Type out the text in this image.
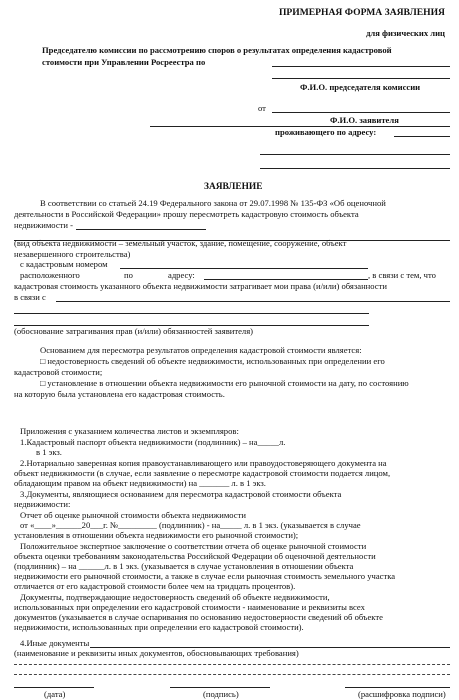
ПРИМЕРНАЯ ФОРМА ЗАЯВЛЕНИЯ
для физических лиц
Председателю комиссии по рассмотрению споров о результатах определения кадастровой
стоимости при Управлении Росреестра по
Ф.И.О. председателя комиссии
от
Ф.И.О. заявителя
проживающего по адресу:
ЗАЯВЛЕНИЕ
В соответствии со статьей 24.19 Федерального закона от 29.07.1998 № 135-ФЗ «Об оценочной
деятельности в Российской Федерации» прошу пересмотреть кадастровую стоимость объекта
недвижимости -
(вид объекта недвижимости – земельный участок, здание, помещение, сооружение, объект
незавершенного строительства)
с кадастровым номером
расположенного	по	адресу:	, в связи с тем, что
кадастровая стоимость указанного объекта недвижимости затрагивает мои права (и/или) обязанности
в связи с
(обоснование затрагивания прав (и/или) обязанностей заявителя)
Основанием для пересмотра результатов определения кадастровой стоимости является:
□ недостоверность сведений об объекте недвижимости, использованных при определении его
кадастровой стоимости;
□ установление в отношении объекта недвижимости его рыночной стоимости на дату, по состоянию
на которую была установлена его кадастровая стоимость.
Приложения с указанием количества листов и экземпляров:
1.Кадастровый паспорт объекта недвижимости (подлинник) – на_____л.
в 1 экз.
2.Нотариально заверенная копия правоустанавливающего или правоудостоверяющего документа на
объект недвижимости (в случае, если заявление о пересмотре кадастровой стоимости подается лицом,
обладающим правом на объект недвижимости) на _______ л. в 1 экз.
3.Документы, являющиеся основанием для пересмотра кадастровой стоимости объекта
недвижимости:
Отчет об оценке рыночной стоимости объекта недвижимости
от «____»______20___г. №_________ (подлинник) - на_____ л. в 1 экз. (указывается в случае
установления в отношении объекта недвижимости его рыночной стоимости);
Положительное экспертное заключение о соответствии отчета об оценке рыночной стоимости
объекта оценки требованиям законодательства Российской Федерации об оценочной деятельности
(подлинник) – на ______л. в 1 экз. (указывается в случае установления в отношении объекта
недвижимости его рыночной стоимости, а также в случае если рыночная стоимость земельного участка
отличается от его кадастровой стоимости более чем на тридцать процентов).
Документы, подтверждающие недостоверность сведений об объекте недвижимости,
использованных при определении его кадастровой стоимости - наименование и реквизиты всех
документов (указывается в случае оспаривания по основанию недостоверности сведений об объекте
недвижимости, использованных при определении его кадастровой стоимости).
4.Иные документы
(наименование и реквизиты иных документов, обосновывающих требования)
(дата)	(подпись)	(расшифровка подписи)
